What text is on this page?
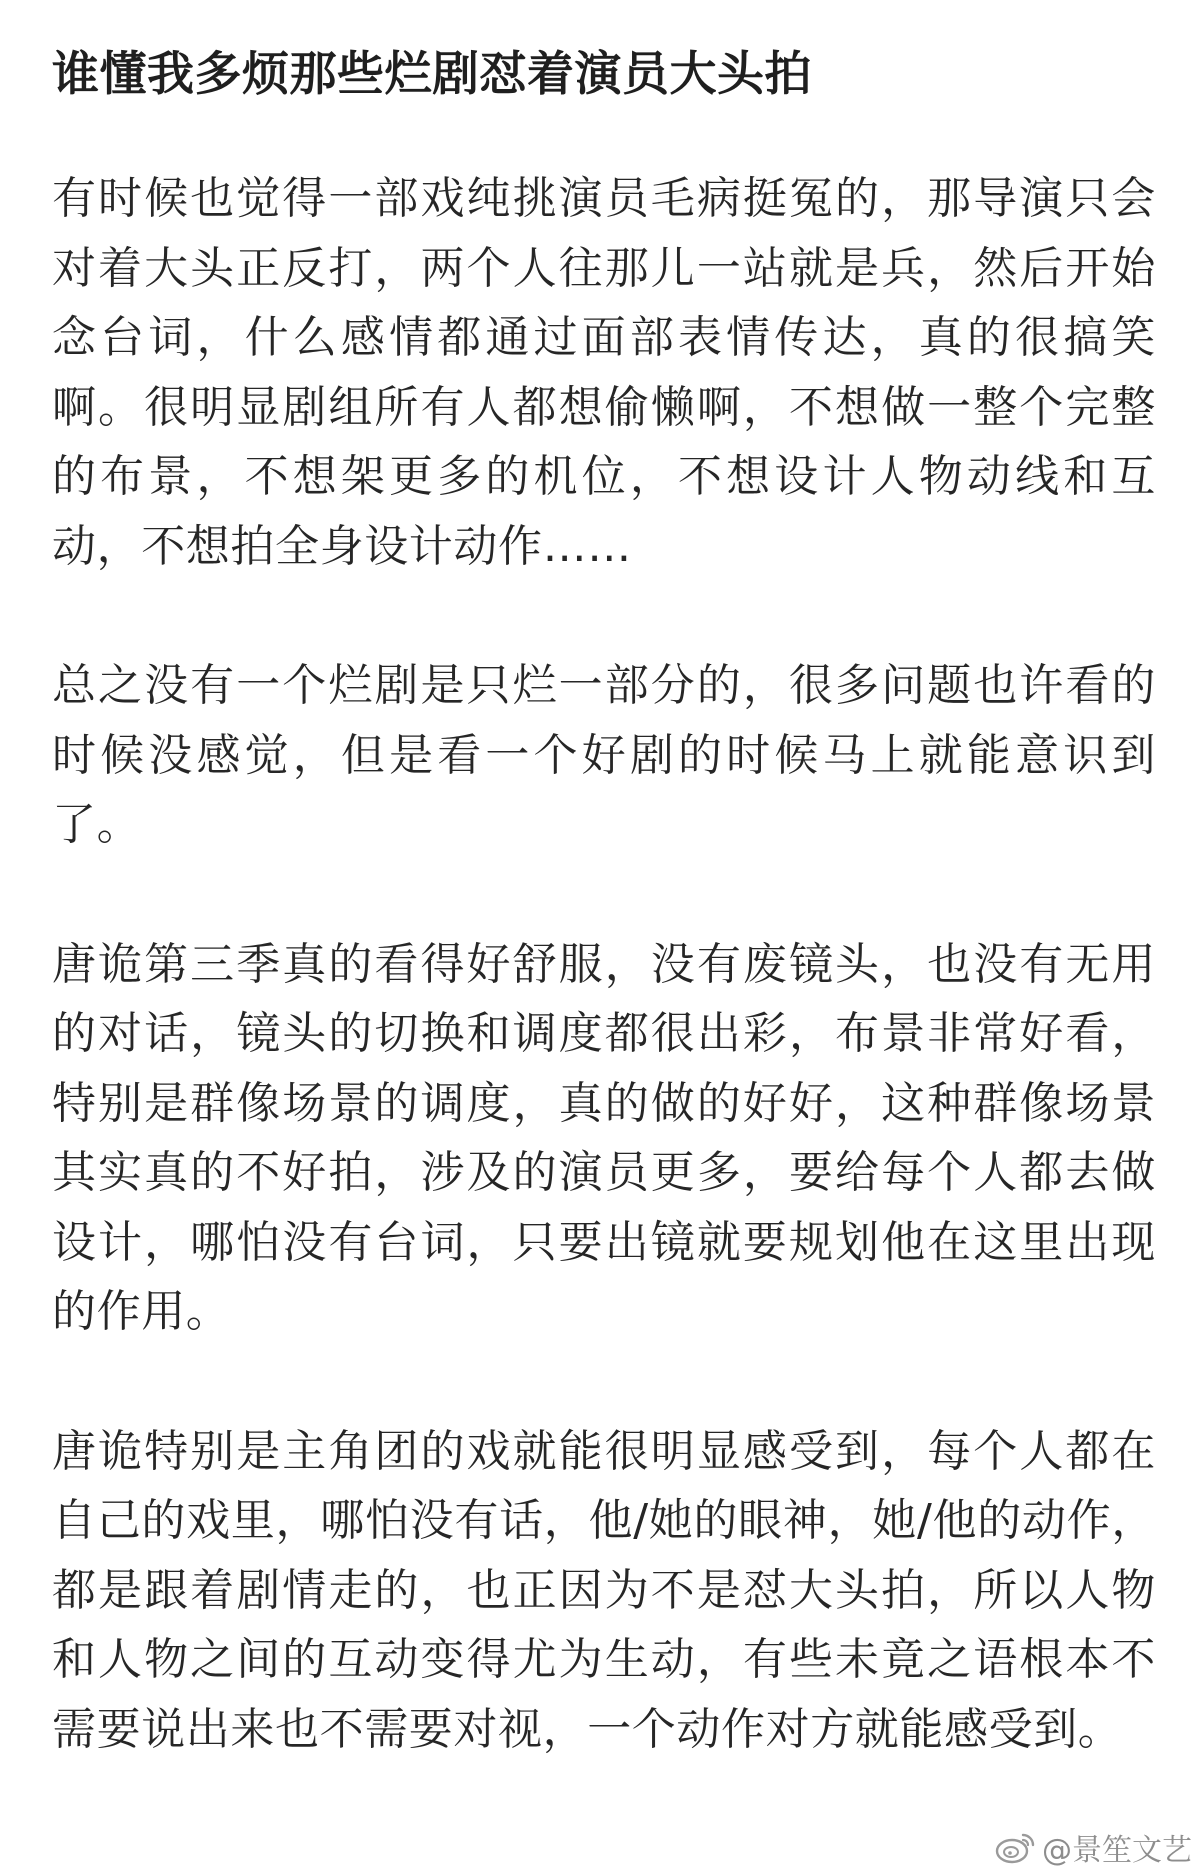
谁懂我多烦那些烂剧怼着演员大头拍

有时候也觉得一部戏纯挑演员毛病挺冤的，那导演只会对着大头正反打，两个人往那儿一站就是兵，然后开始念台词，什么感情都通过面部表情传达，真的很搞笑啊。很明显剧组所有人都想偷懒啊，不想做一整个完整的布景，不想架更多的机位，不想设计人物动线和互动，不想拍全身设计动作……

总之没有一个烂剧是只烂一部分的，很多问题也许看的时候没感觉，但是看一个好剧的时候马上就能意识到了。

唐诡第三季真的看得好舒服，没有废镜头，也没有无用的对话，镜头的切换和调度都很出彩，布景非常好看，特别是群像场景的调度，真的做的好好，这种群像场景其实真的不好拍，涉及的演员更多，要给每个人都去做设计，哪怕没有台词，只要出镜就要规划他在这里出现的作用。

唐诡特别是主角团的戏就能很明显感受到，每个人都在自己的戏里，哪怕没有话，他/她的眼神，她/他的动作，都是跟着剧情走的，也正因为不是怼大头拍，所以人物和人物之间的互动变得尤为生动，有些未竟之语根本不需要说出来也不需要对视，一个动作对方就能感受到。

@景笙文艺
